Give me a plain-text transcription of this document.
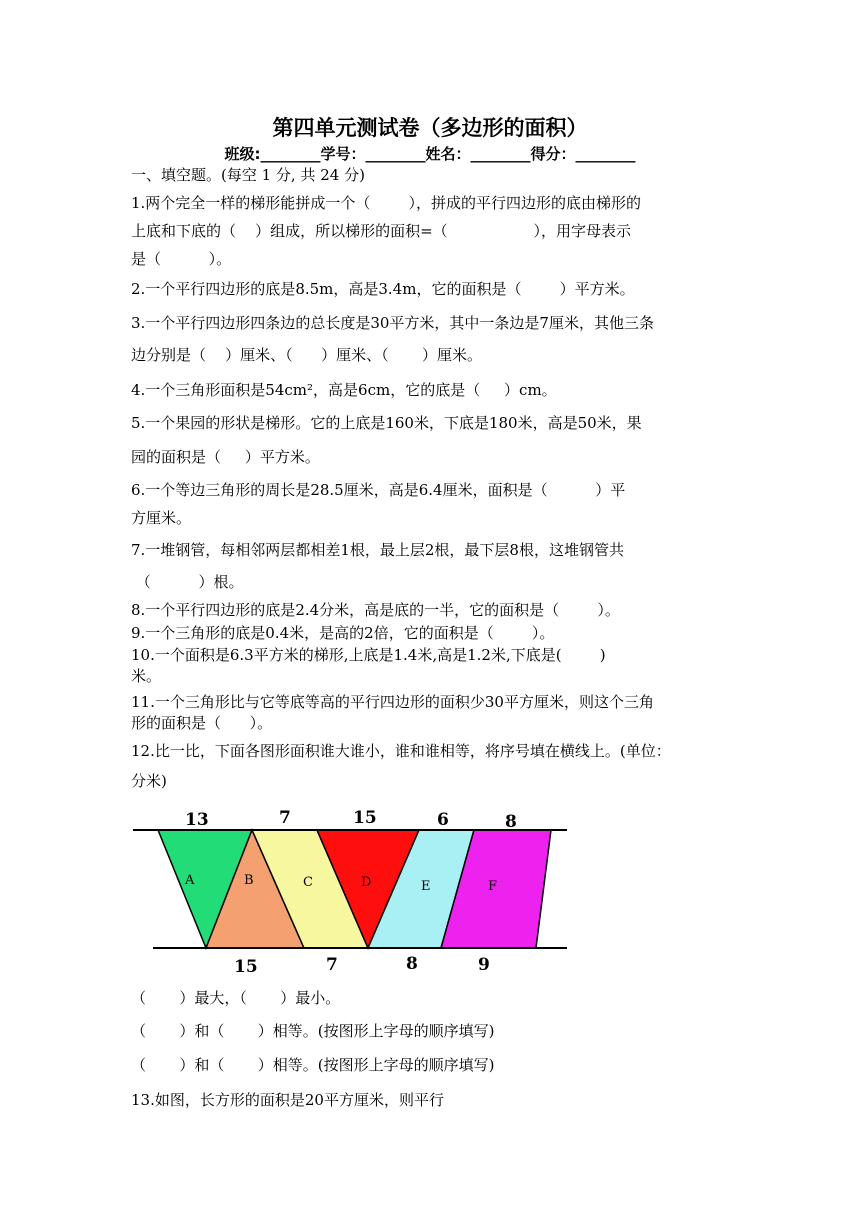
第四单元测试卷（多边形的面积）
班级:________学号：________姓名：________得分：________
一、填空题。(每空 1 分, 共 24 分)
1.两个完全一样的梯形能拼成一个（        ），拼成的平行四边形的底由梯形的
上底和下底的（    ）组成，所以梯形的面积=（                  ），用字母表示
是（          ）。
2.一个平行四边形的底是8.5m，高是3.4m，它的面积是（        ）平方米。
3.一个平行四边形四条边的总长度是30平方米，其中一条边是7厘米，其他三条
边分别是（    ）厘米、（      ）厘米、（       ）厘米。
4.一个三角形面积是54cm²，高是6cm，它的底是（     ）cm。
5.一个果园的形状是梯形。它的上底是160米，下底是180米，高是50米，果
园的面积是（     ）平方米。
6.一个等边三角形的周长是28.5厘米，高是6.4厘米，面积是（          ）平
方厘米。
7.一堆钢管，每相邻两层都相差1根，最上层2根，最下层8根，这堆钢管共
（          ）根。
8.一个平行四边形的底是2.4分米，高是底的一半，它的面积是（        ）。
9.一个三角形的底是0.4米，是高的2倍，它的面积是（        ）。
10.一个面积是6.3平方米的梯形,上底是1.4米,高是1.2米,下底是(        )
米。
11.一个三角形比与它等底等高的平行四边形的面积少30平方厘米，则这个三角
形的面积是（      ）。
12.比一比，下面各图形面积谁大谁小，谁和谁相等，将序号填在横线上。(单位：
分米)
A	B	C	D	E	F
13	7	15	6	8
15	7	8	9
（       ）最大，（       ）最小。
（       ）和（       ）相等。(按图形上字母的顺序填写)
（       ）和（       ）相等。(按图形上字母的顺序填写)
13.如图，长方形的面积是20平方厘米，则平行
